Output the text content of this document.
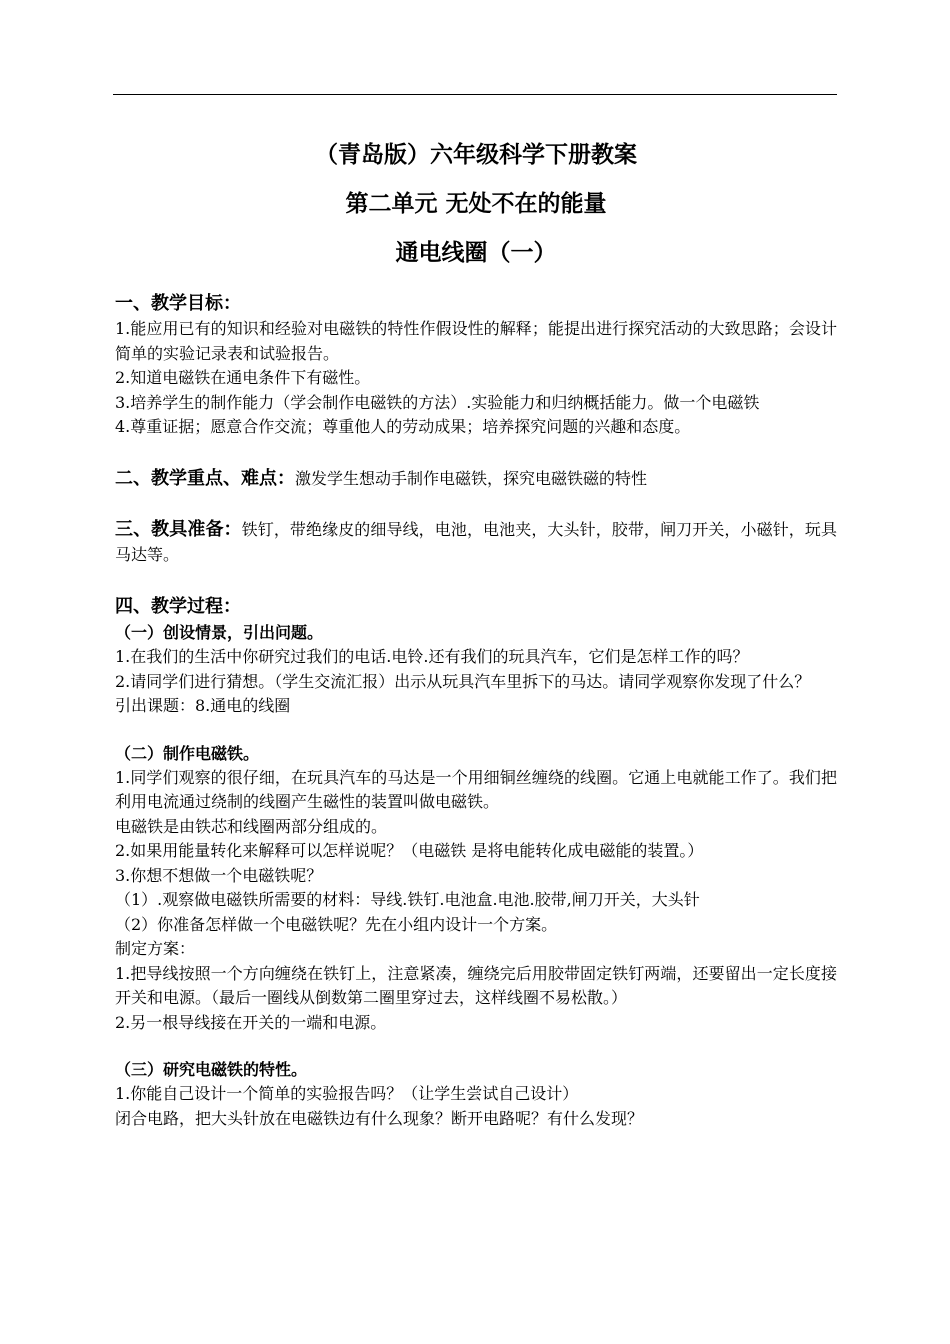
（青岛版）六年级科学下册教案
第二单元 无处不在的能量
通电线圈（一）
一、教学目标：

1.能应用已有的知识和经验对电磁铁的特性作假设性的解释；能提出进行探究活动的大致思路；会设计简单的实验记录表和试验报告。

2.知道电磁铁在通电条件下有磁性。

3.培养学生的制作能力（学会制作电磁铁的方法）.实验能力和归纳概括能力。做一个电磁铁

4.尊重证据；愿意合作交流；尊重他人的劳动成果；培养探究问题的兴趣和态度。

二、教学重点、难点：激发学生想动手制作电磁铁，探究电磁铁磁的特性

三、教具准备：铁钉，带绝缘皮的细导线，电池，电池夹，大头针，胶带，闸刀开关，小磁针，玩具马达等。

四、教学过程：
（一）创设情景，引出问题。

1.在我们的生活中你研究过我们的电话.电铃.还有我们的玩具汽车，它们是怎样工作的吗？

2.请同学们进行猜想。（学生交流汇报）出示从玩具汽车里拆下的马达。请同学观察你发现了什么？

引出课题：8.通电的线圈

（二）制作电磁铁。

1.同学们观察的很仔细，在玩具汽车的马达是一个用细铜丝缠绕的线圈。它通上电就能工作了。我们把利用电流通过绕制的线圈产生磁性的装置叫做电磁铁。

电磁铁是由铁芯和线圈两部分组成的。

2.如果用能量转化来解释可以怎样说呢？（电磁铁 是将电能转化成电磁能的装置。）

3.你想不想做一个电磁铁呢？

（1）.观察做电磁铁所需要的材料：导线.铁钉.电池盒.电池.胶带,闸刀开关，大头针

（2）你准备怎样做一个电磁铁呢？先在小组内设计一个方案。

制定方案：

1.把导线按照一个方向缠绕在铁钉上，注意紧凑，缠绕完后用胶带固定铁钉两端，还要留出一定长度接开关和电源。（最后一圈线从倒数第二圈里穿过去，这样线圈不易松散。）

2.另一根导线接在开关的一端和电源。

（三）研究电磁铁的特性。

1.你能自己设计一个简单的实验报告吗？（让学生尝试自己设计）

闭合电路，把大头针放在电磁铁边有什么现象？断开电路呢？有什么发现？
